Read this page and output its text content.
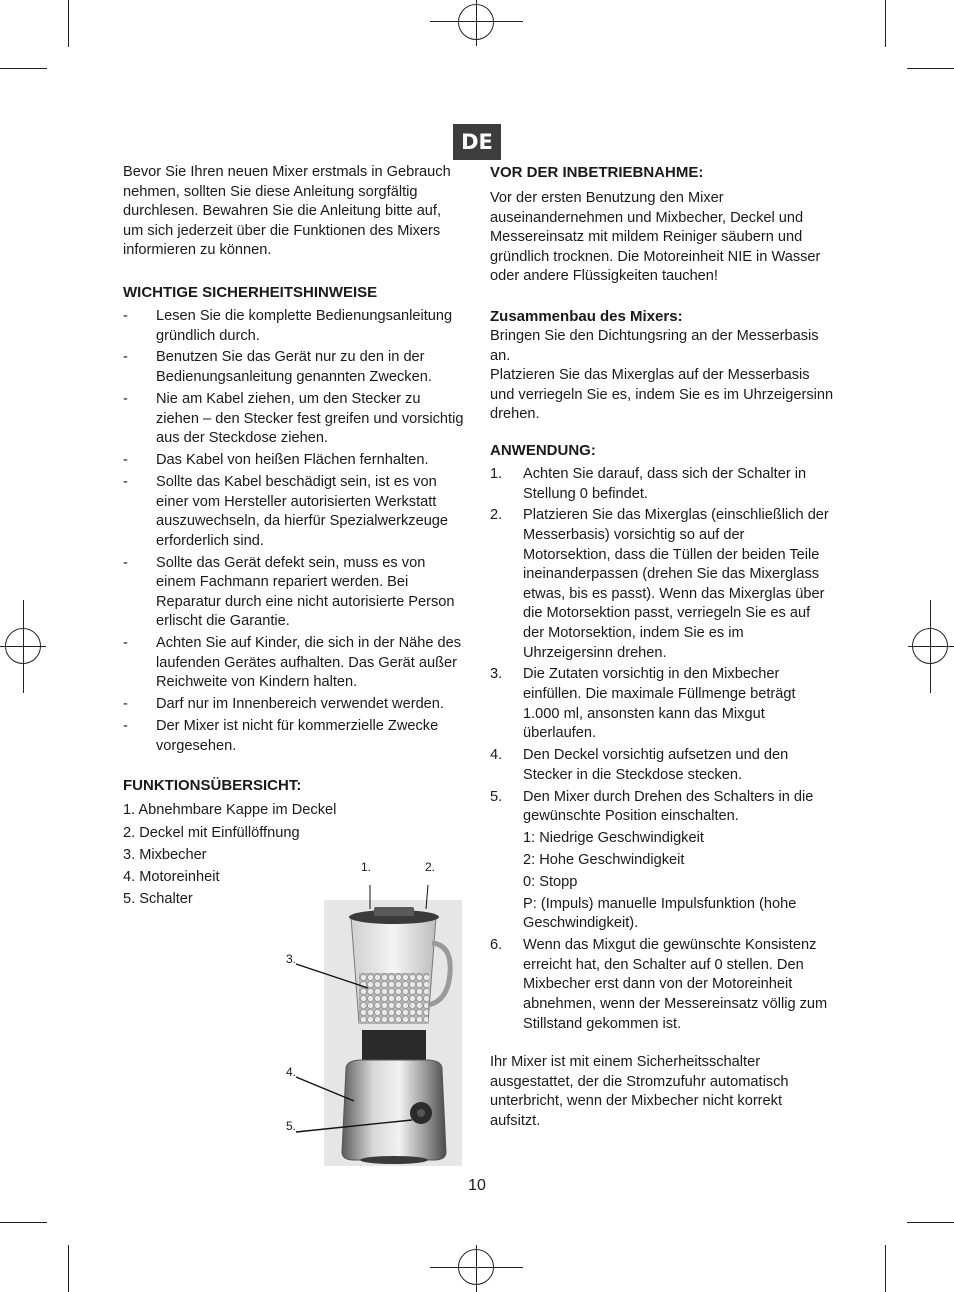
DE

Bevor Sie Ihren neuen Mixer erstmals in Gebrauch nehmen, sollten Sie diese Anleitung sorgfältig durchlesen. Bewahren Sie die Anleitung bitte auf, um sich jederzeit über die Funktionen des Mixers informieren zu können.

WICHTIGE SICHERHEITSHINWEISE
- Lesen Sie die komplette Bedienungsanleitung gründlich durch.
- Benutzen Sie das Gerät nur zu den in der Bedienungsanleitung genannten Zwecken.
- Nie am Kabel ziehen, um den Stecker zu ziehen – den Stecker fest greifen und vorsichtig aus der Steckdose ziehen.
- Das Kabel von heißen Flächen fernhalten.
- Sollte das Kabel beschädigt sein, ist es von einer vom Hersteller autorisierten Werkstatt auszuwechseln, da hierfür Spezialwerkzeuge erforderlich sind.
- Sollte das Gerät defekt sein, muss es von einem Fachmann repariert werden. Bei Reparatur durch eine nicht autorisierte Person erlischt die Garantie.
- Achten Sie auf Kinder, die sich in der Nähe des laufenden Gerätes aufhalten. Das Gerät außer Reichweite von Kindern halten.
- Darf nur im Innenbereich verwendet werden.
- Der Mixer ist nicht für kommerzielle Zwecke vorgesehen.
FUNKTIONSÜBERSICHT:
1. Abnehmbare Kappe im Deckel
2. Deckel mit Einfüllöffnung
3. Mixbecher
4. Motoreinheit
5. Schalter
1.	2.
3.
4.
5.
VOR DER INBETRIEBNAHME:

Vor der ersten Benutzung den Mixer auseinandernehmen und Mixbecher, Deckel und Messereinsatz mit mildem Reiniger säubern und gründlich trocknen. Die Motoreinheit NIE in Wasser oder andere Flüssigkeiten tauchen!

Zusammenbau des Mixers:

Bringen Sie den Dichtungsring an der Messerbasis an.

Platzieren Sie das Mixerglas auf der Messerbasis und verriegeln Sie es, indem Sie es im Uhrzeigersinn drehen.

ANWENDUNG:
1. Achten Sie darauf, dass sich der Schalter in Stellung 0 befindet.
2. Platzieren Sie das Mixerglas (einschließlich der Messerbasis) vorsichtig so auf der Motorsektion, dass die Tüllen der beiden Teile ineinanderpassen (drehen Sie das Mixerglass etwas, bis es passt). Wenn das Mixerglas über die Motorsektion passt, verriegeln Sie es auf der Motorsektion, indem Sie es im Uhrzeigersinn drehen.
3. Die Zutaten vorsichtig in den Mixbecher einfüllen. Die maximale Füllmenge beträgt 1.000 ml, ansonsten kann das Mixgut überlaufen.
4. Den Deckel vorsichtig aufsetzen und den Stecker in die Steckdose stecken.
5. Den Mixer durch Drehen des Schalters in die gewünschte Position einschalten.
1: Niedrige Geschwindigkeit
2: Hohe Geschwindigkeit
0: Stopp
P: (Impuls) manuelle Impulsfunktion (hohe Geschwindigkeit).
6. Wenn das Mixgut die gewünschte Konsistenz erreicht hat, den Schalter auf 0 stellen. Den Mixbecher erst dann von der Motoreinheit abnehmen, wenn der Messereinsatz völlig zum Stillstand gekommen ist.

Ihr Mixer ist mit einem Sicherheitsschalter ausgestattet, der die Stromzufuhr automatisch unterbricht, wenn der Mixbecher nicht korrekt aufsitzt.

10
